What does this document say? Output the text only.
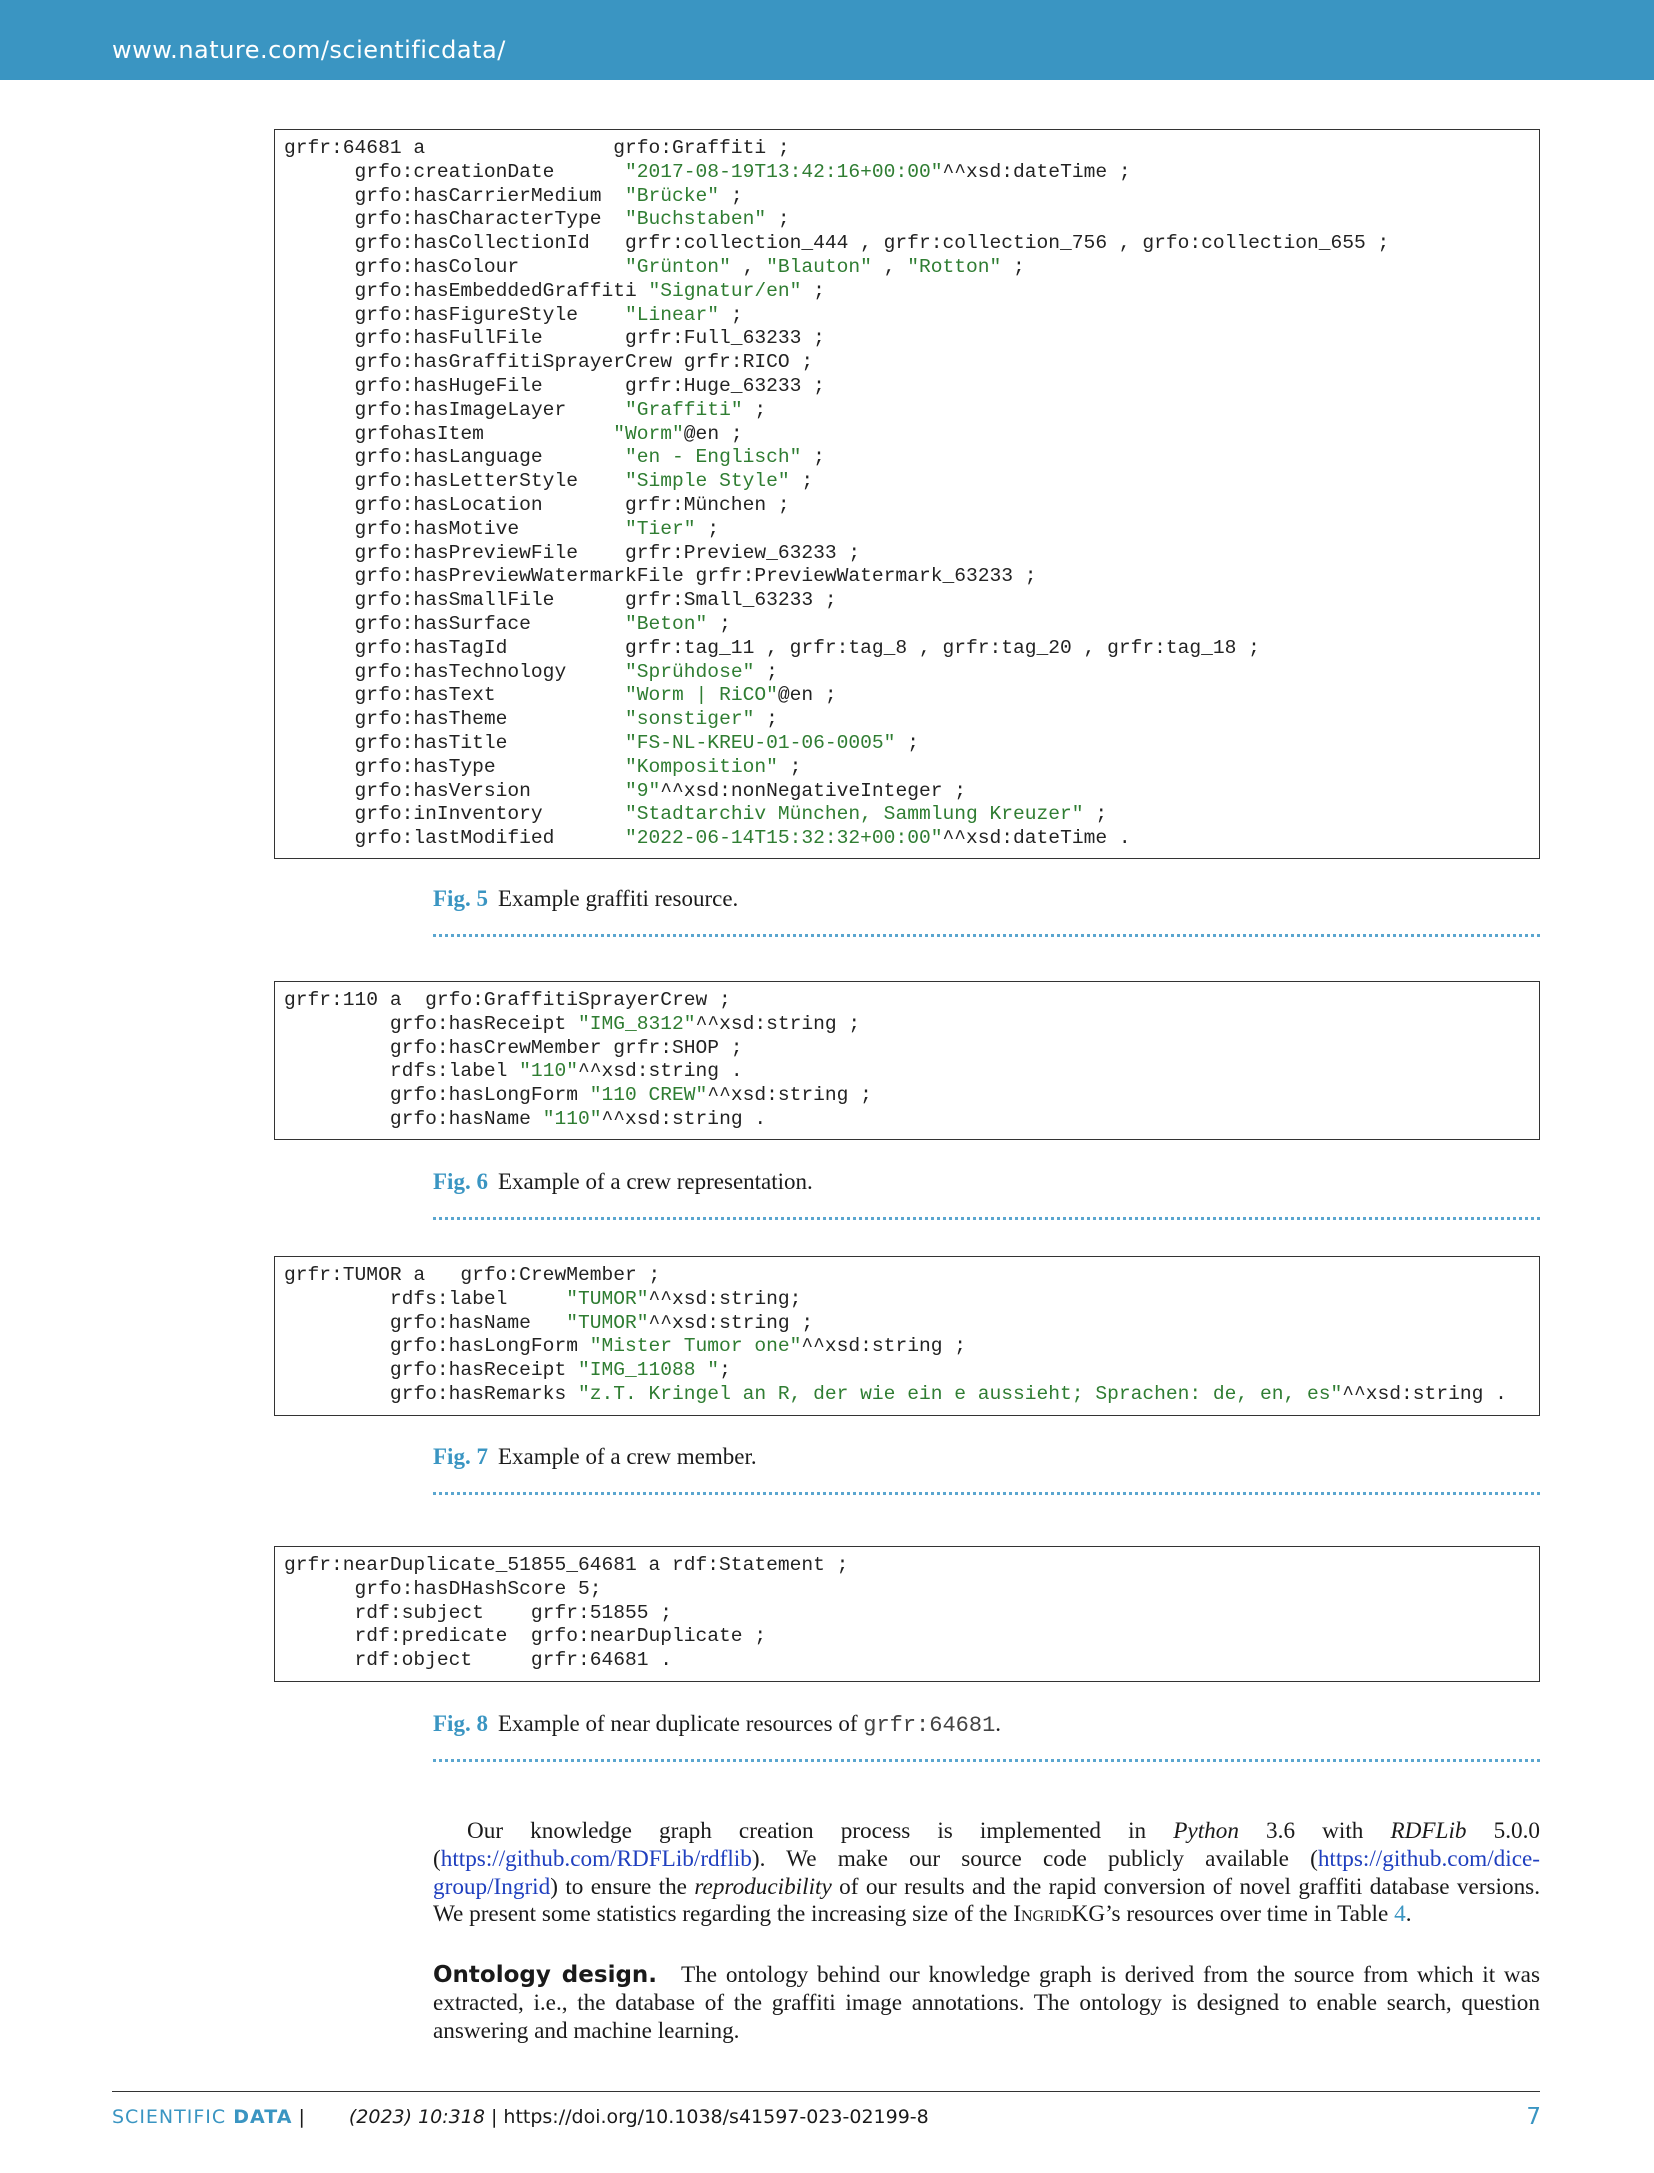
www.nature.com/scientificdata/
grfr:64681 a                grfo:Graffiti ;
grfo:creationDate      "2017-08-19T13:42:16+00:00"^^xsd:dateTime ;
grfo:hasCarrierMedium  "Brücke" ;
grfo:hasCharacterType  "Buchstaben" ;
grfo:hasCollectionId   grfr:collection_444 , grfr:collection_756 , grfo:collection_655 ;
grfo:hasColour         "Grünton" , "Blauton" , "Rotton" ;
grfo:hasEmbeddedGraffiti "Signatur/en" ;
grfo:hasFigureStyle    "Linear" ;
grfo:hasFullFile       grfr:Full_63233 ;
grfo:hasGraffitiSprayerCrew grfr:RICO ;
grfo:hasHugeFile       grfr:Huge_63233 ;
grfo:hasImageLayer     "Graffiti" ;
grfohasItem           "Worm"@en ;
grfo:hasLanguage       "en - Englisch" ;
grfo:hasLetterStyle    "Simple Style" ;
grfo:hasLocation       grfr:München ;
grfo:hasMotive         "Tier" ;
grfo:hasPreviewFile    grfr:Preview_63233 ;
grfo:hasPreviewWatermarkFile grfr:PreviewWatermark_63233 ;
grfo:hasSmallFile      grfr:Small_63233 ;
grfo:hasSurface        "Beton" ;
grfo:hasTagId          grfr:tag_11 , grfr:tag_8 , grfr:tag_20 , grfr:tag_18 ;
grfo:hasTechnology     "Sprühdose" ;
grfo:hasText           "Worm | RiCO"@en ;
grfo:hasTheme          "sonstiger" ;
grfo:hasTitle          "FS-NL-KREU-01-06-0005" ;
grfo:hasType           "Komposition" ;
grfo:hasVersion        "9"^^xsd:nonNegativeInteger ;
grfo:inInventory       "Stadtarchiv München, Sammlung Kreuzer" ;
grfo:lastModified      "2022-06-14T15:32:32+00:00"^^xsd:dateTime .
Fig. 5 Example graffiti resource.
grfr:110 a  grfo:GraffitiSprayerCrew ;
grfo:hasReceipt "IMG_8312"^^xsd:string ;
grfo:hasCrewMember grfr:SHOP ;
rdfs:label "110"^^xsd:string .
grfo:hasLongForm "110 CREW"^^xsd:string ;
grfo:hasName "110"^^xsd:string .
Fig. 6 Example of a crew representation.
grfr:TUMOR a   grfo:CrewMember ;
rdfs:label     "TUMOR"^^xsd:string;
grfo:hasName   "TUMOR"^^xsd:string ;
grfo:hasLongForm "Mister Tumor one"^^xsd:string ;
grfo:hasReceipt "IMG_11088 ";
grfo:hasRemarks "z.T. Kringel an R, der wie ein e aussieht; Sprachen: de, en, es"^^xsd:string .
Fig. 7 Example of a crew member.
grfr:nearDuplicate_51855_64681 a rdf:Statement ;
grfo:hasDHashScore 5;
rdf:subject    grfr:51855 ;
rdf:predicate  grfo:nearDuplicate ;
rdf:object     grfr:64681 .
Fig. 8 Example of near duplicate resources of grfr:64681.

Our knowledge graph creation process is implemented in Python 3.6 with RDFLib 5.0.0 (https://github.com/RDFLib/rdflib). We make our source code publicly available (https://github.com/dice-group/Ingrid) to ensure the reproducibility of our results and the rapid conversion of novel graffiti database versions. We present some statistics regarding the increasing size of the IngridKG’s resources over time in Table 4.

Ontology design. The ontology behind our knowledge graph is derived from the source from which it was extracted, i.e., the database of the graffiti image annotations. The ontology is designed to enable search, question answering and machine learning.

SCIENTIFIC DATA | (2023) 10:318 | https://doi.org/10.1038/s41597-023-02199-8	7
